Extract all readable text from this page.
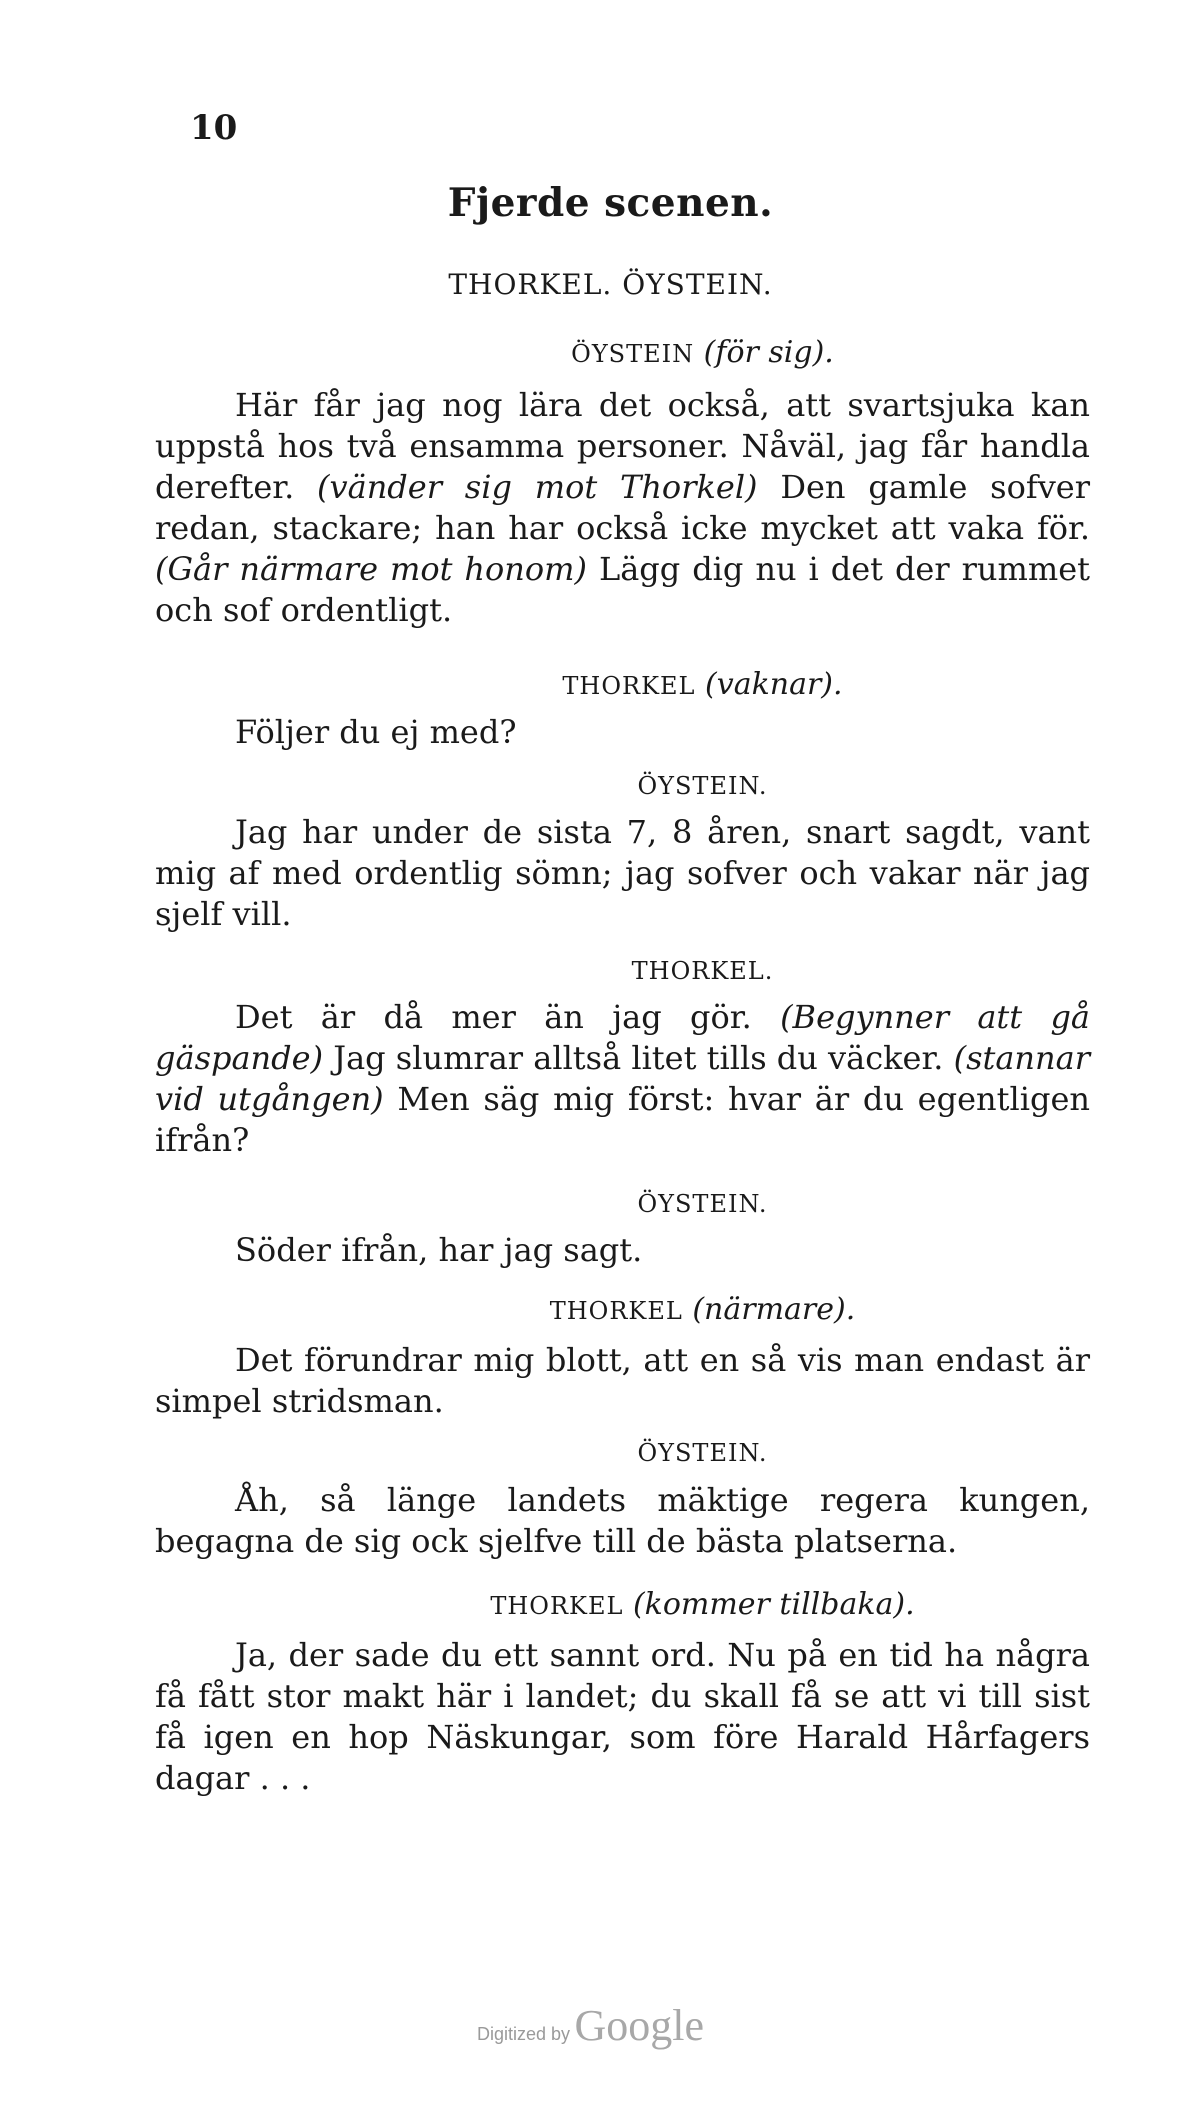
10
Fjerde scenen.
THORKEL. ÖYSTEIN.
ÖYSTEIN (för sig).

Här får jag nog lära det också, att svartsjuka kan uppstå hos två ensamma personer. Nåväl, jag får handla derefter. (vänder sig mot Thorkel) Den gamle sofver redan, stackare; han har också icke mycket att vaka för. (Går närmare mot honom) Lägg dig nu i det der rummet och sof ordentligt.

THORKEL (vaknar).

Följer du ej med?

ÖYSTEIN.

Jag har under de sista 7, 8 åren, snart sagdt, vant mig af med ordentlig sömn; jag sofver och vakar när jag sjelf vill.

THORKEL.

Det är då mer än jag gör. (Begynner att gå gäspande) Jag slumrar alltså litet tills du väcker. (stannar vid utgången) Men säg mig först: hvar är du egentligen ifrån?

ÖYSTEIN.

Söder ifrån, har jag sagt.

THORKEL (närmare).

Det förundrar mig blott, att en så vis man endast är simpel stridsman.

ÖYSTEIN.

Åh, så länge landets mäktige regera kungen, begagna de sig ock sjelfve till de bästa platserna.

THORKEL (kommer tillbaka).

Ja, der sade du ett sannt ord. Nu på en tid ha några få fått stor makt här i landet; du skall få se att vi till sist få igen en hop Näskungar, som före Harald Hårfagers dagar . . .

Digitized by Google
